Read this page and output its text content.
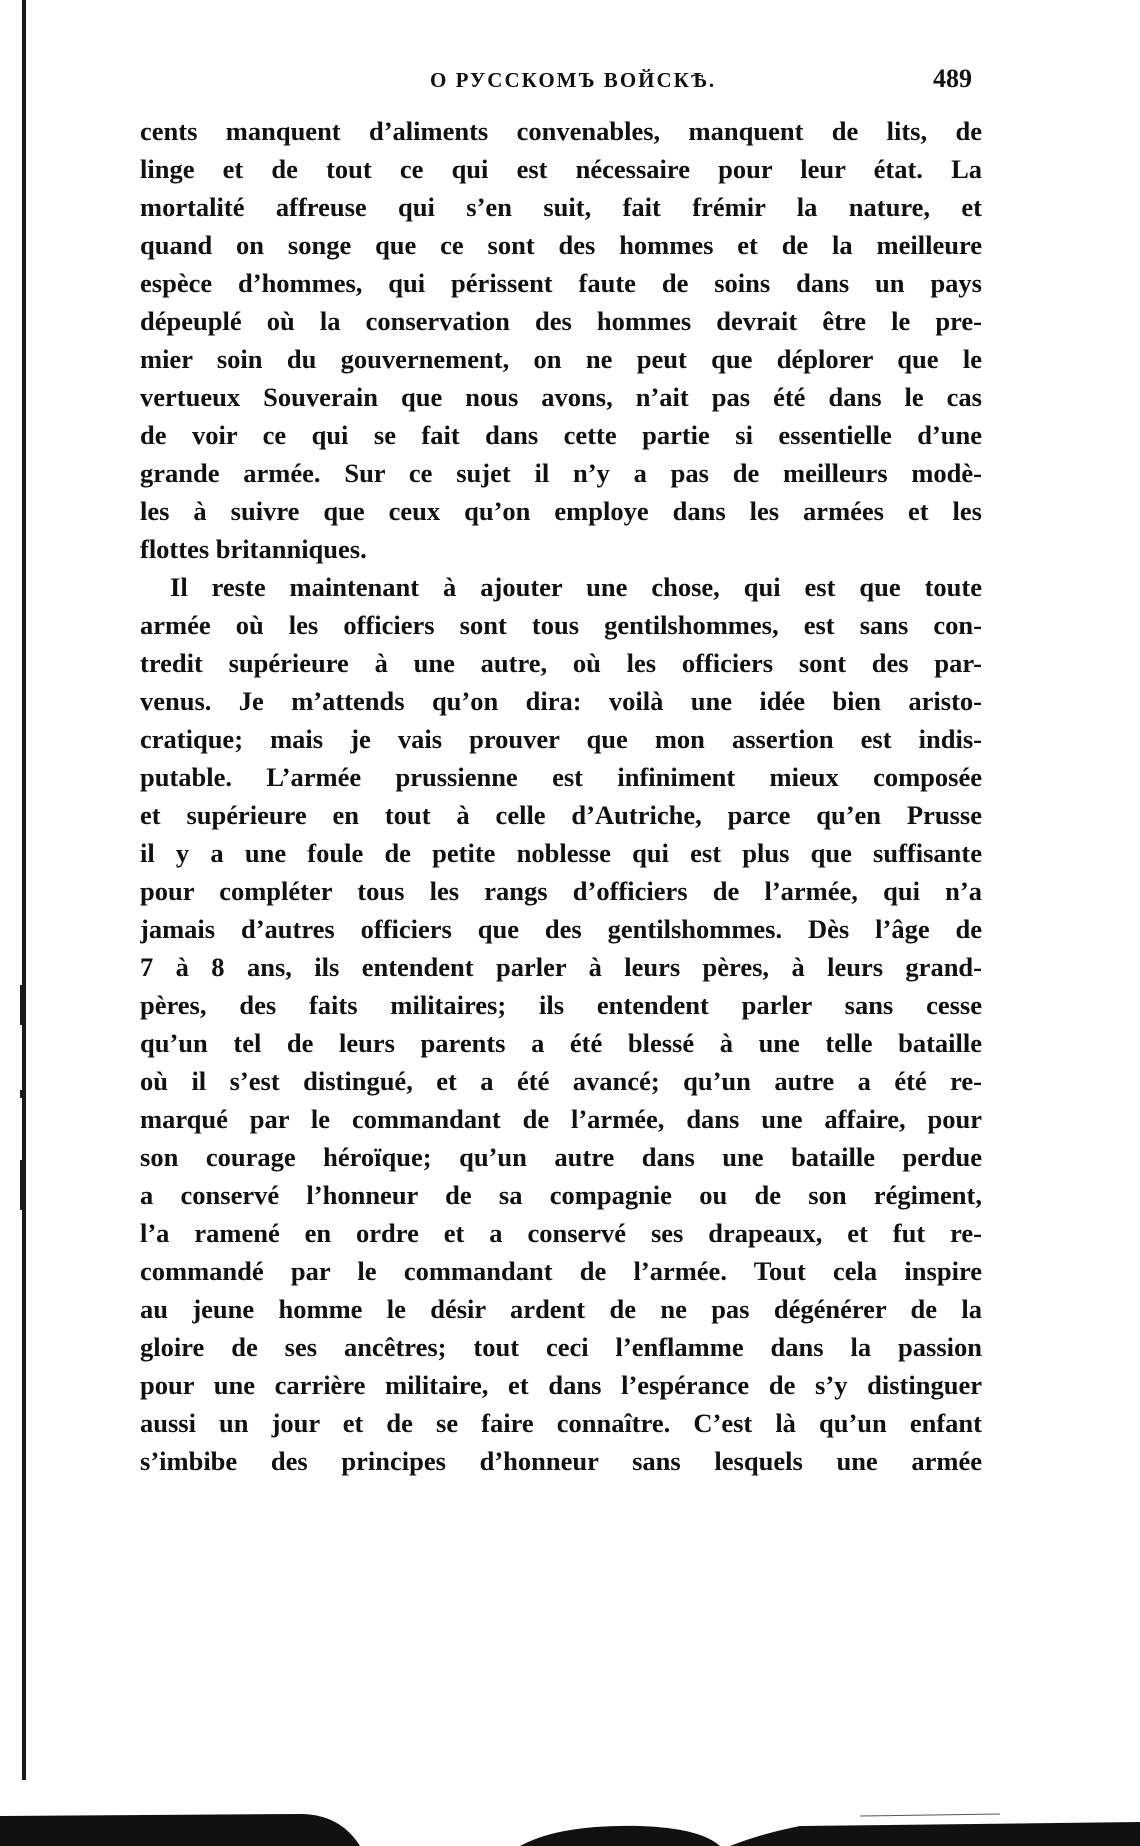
О РУССКОМЪ ВОЙСКѢ.	489
cents manquent d’aliments convenables, manquent de lits, de
linge et de tout ce qui est nécessaire pour leur état. La
mortalité affreuse qui s’en suit, fait frémir la nature, et
quand on songe que ce sont des hommes et de la meilleure
espèce d’hommes, qui périssent faute de soins dans un pays
dépeuplé où la conservation des hommes devrait être le pre-
mier soin du gouvernement, on ne peut que déplorer que le
vertueux Souverain que nous avons, n’ait pas été dans le cas
de voir ce qui se fait dans cette partie si essentielle d’une
grande armée. Sur ce sujet il n’y a pas de meilleurs modè-
les à suivre que ceux qu’on employe dans les armées et les
flottes britanniques.
Il reste maintenant à ajouter une chose, qui est que toute
armée où les officiers sont tous gentilshommes, est sans con-
tredit supérieure à une autre, où les officiers sont des par-
venus. Je m’attends qu’on dira: voilà une idée bien aristo-
cratique; mais je vais prouver que mon assertion est indis-
putable. L’armée prussienne est infiniment mieux composée
et supérieure en tout à celle d’Autriche, parce qu’en Prusse
il y a une foule de petite noblesse qui est plus que suffisante
pour compléter tous les rangs d’officiers de l’armée, qui n’a
jamais d’autres officiers que des gentilshommes. Dès l’âge de
7 à 8 ans, ils entendent parler à leurs pères, à leurs grand-
pères, des faits militaires; ils entendent parler sans cesse
qu’un tel de leurs parents a été blessé à une telle bataille
où il s’est distingué, et a été avancé; qu’un autre a été re-
marqué par le commandant de l’armée, dans une affaire, pour
son courage héroïque; qu’un autre dans une bataille perdue
a conservé l’honneur de sa compagnie ou de son régiment,
l’a ramené en ordre et a conservé ses drapeaux, et fut re-
commandé par le commandant de l’armée. Tout cela inspire
au jeune homme le désir ardent de ne pas dégénérer de la
gloire de ses ancêtres; tout ceci l’enflamme dans la passion
pour une carrière militaire, et dans l’espérance de s’y distinguer
aussi un jour et de se faire connaître. C’est là qu’un enfant
s’imbibe des principes d’honneur sans lesquels une armée
